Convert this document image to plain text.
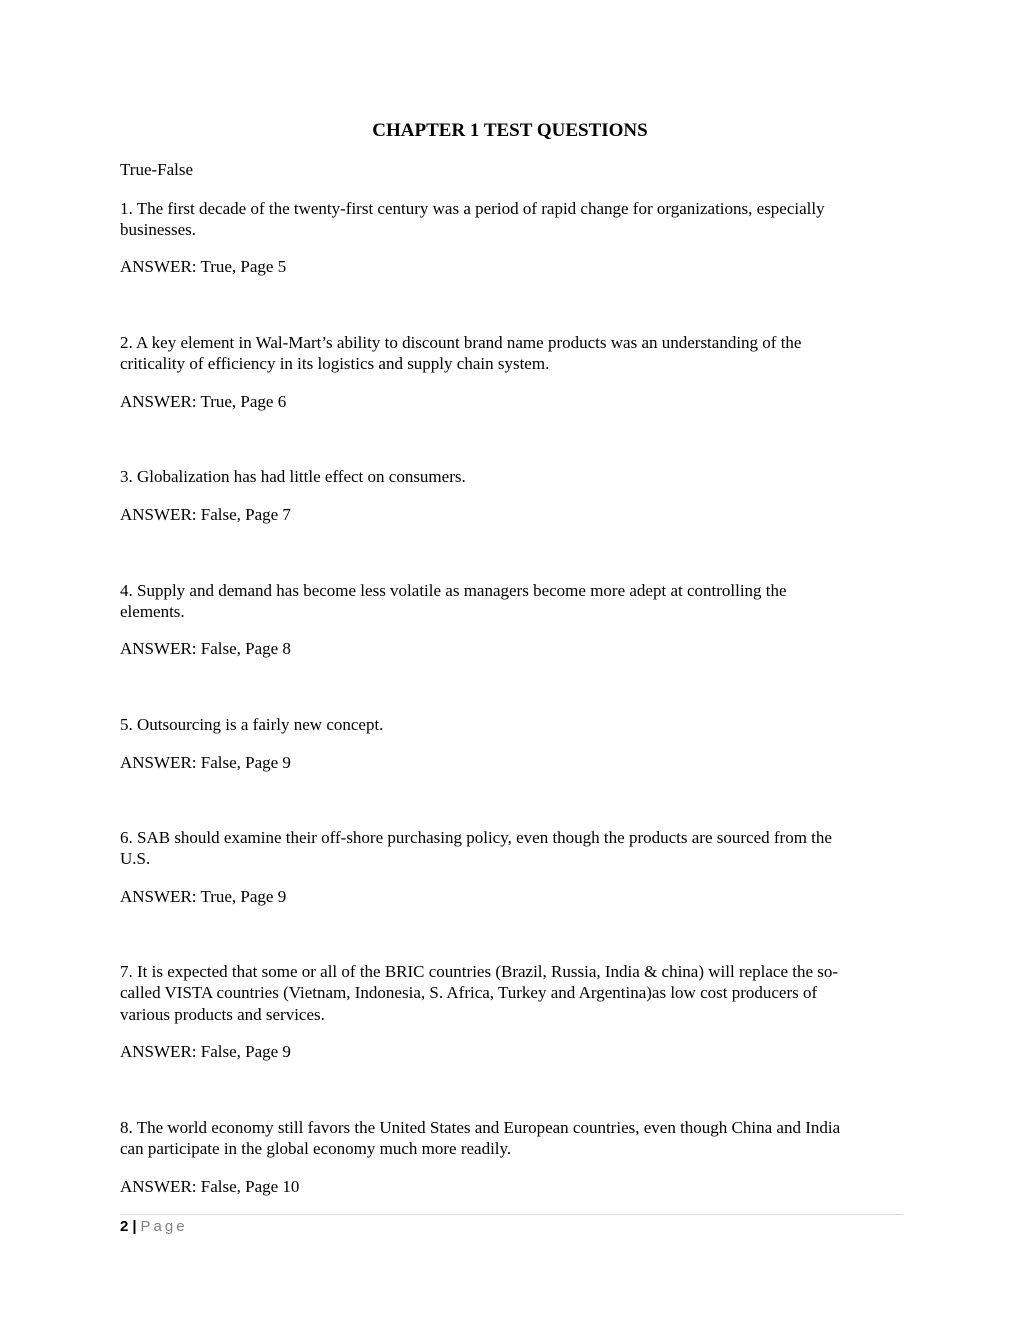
CHAPTER 1 TEST QUESTIONS
True-False
1. The first decade of the twenty-first century was a period of rapid change for organizations, especially
businesses.
ANSWER: True, Page 5
2. A key element in Wal-Mart’s ability to discount brand name products was an understanding of the
criticality of efficiency in its logistics and supply chain system.
ANSWER: True, Page 6
3. Globalization has had little effect on consumers.
ANSWER: False, Page 7
4. Supply and demand has become less volatile as managers become more adept at controlling the
elements.
ANSWER: False, Page 8
5. Outsourcing is a fairly new concept.
ANSWER: False, Page 9
6. SAB should examine their off-shore purchasing policy, even though the products are sourced from the
U.S.
ANSWER: True, Page 9
7. It is expected that some or all of the BRIC countries (Brazil, Russia, India & china) will replace the so-
called VISTA countries (Vietnam, Indonesia, S. Africa, Turkey and Argentina)as low cost producers of
various products and services.
ANSWER: False, Page 9
8. The world economy still favors the United States and European countries, even though China and India
can participate in the global economy much more readily.
ANSWER: False, Page 10
2 | Page
